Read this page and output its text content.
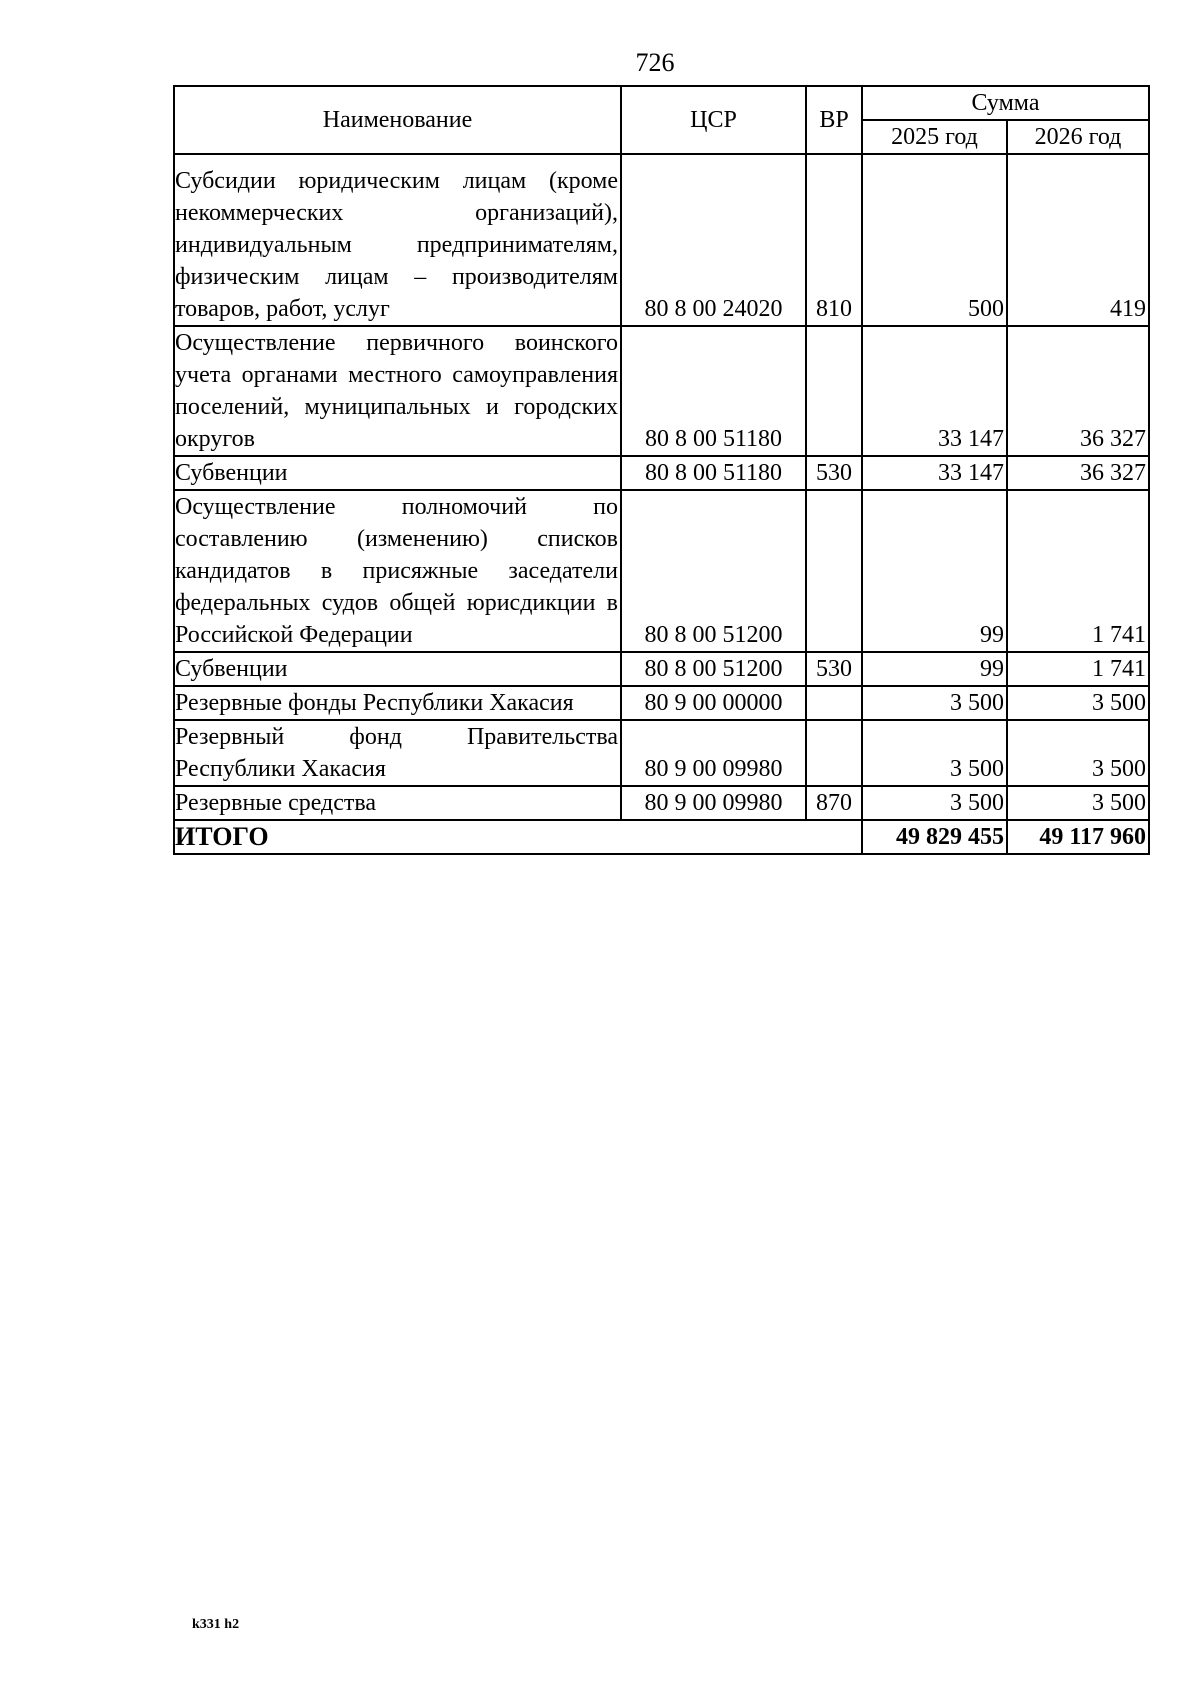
726
Наименование	ЦСР	ВР	Сумма	
			2025 год	2026 год
Субсидии юридическим лицам (кроме некоммерческих организаций), индивидуальным предпринимателям, физическим лицам – производителям товаров, работ, услуг	80 8 00 24020	810	500	419
Осуществление первичного воинского учета органами местного самоуправления поселений, муниципальных и городских округов	80 8 00 51180		33 147	36 327
Субвенции	80 8 00 51180	530	33 147	36 327
Осуществление полномочий по составлению (изменению) списков кандидатов в присяжные заседатели федеральных судов общей юрисдикции в Российской Федерации	80 8 00 51200		99	1 741
Субвенции	80 8 00 51200	530	99	1 741
Резервные фонды Республики Хакасия	80 9 00 00000		3 500	3 500
Резервный фонд Правительства Республики Хакасия	80 9 00 09980		3 500	3 500
Резервные средства	80 9 00 09980	870	3 500	3 500
ИТОГО			49 829 455	49 117 960
k331 h2
